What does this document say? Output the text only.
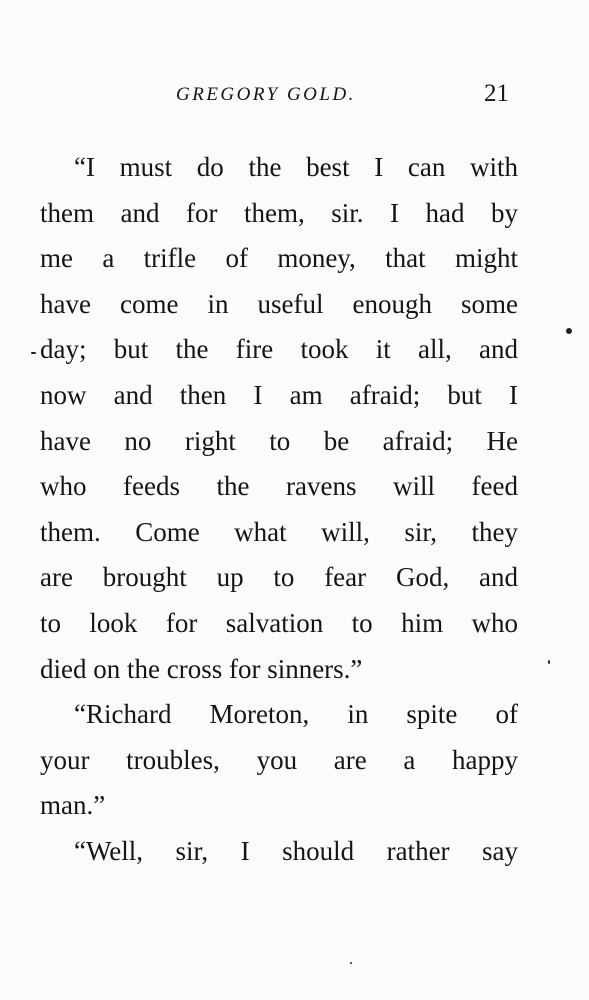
GREGORY GOLD.	21
“I must do the best I can with
them and for them, sir. I had by
me a trifle of money, that might
have come in useful enough some
day; but the fire took it all, and
now and then I am afraid; but I
have no right to be afraid; He
who feeds the ravens will feed
them. Come what will, sir, they
are brought up to fear God, and
to look for salvation to him who
died on the cross for sinners.”
“Richard Moreton, in spite of
your troubles, you are a happy
man.”
“Well, sir, I should rather say
